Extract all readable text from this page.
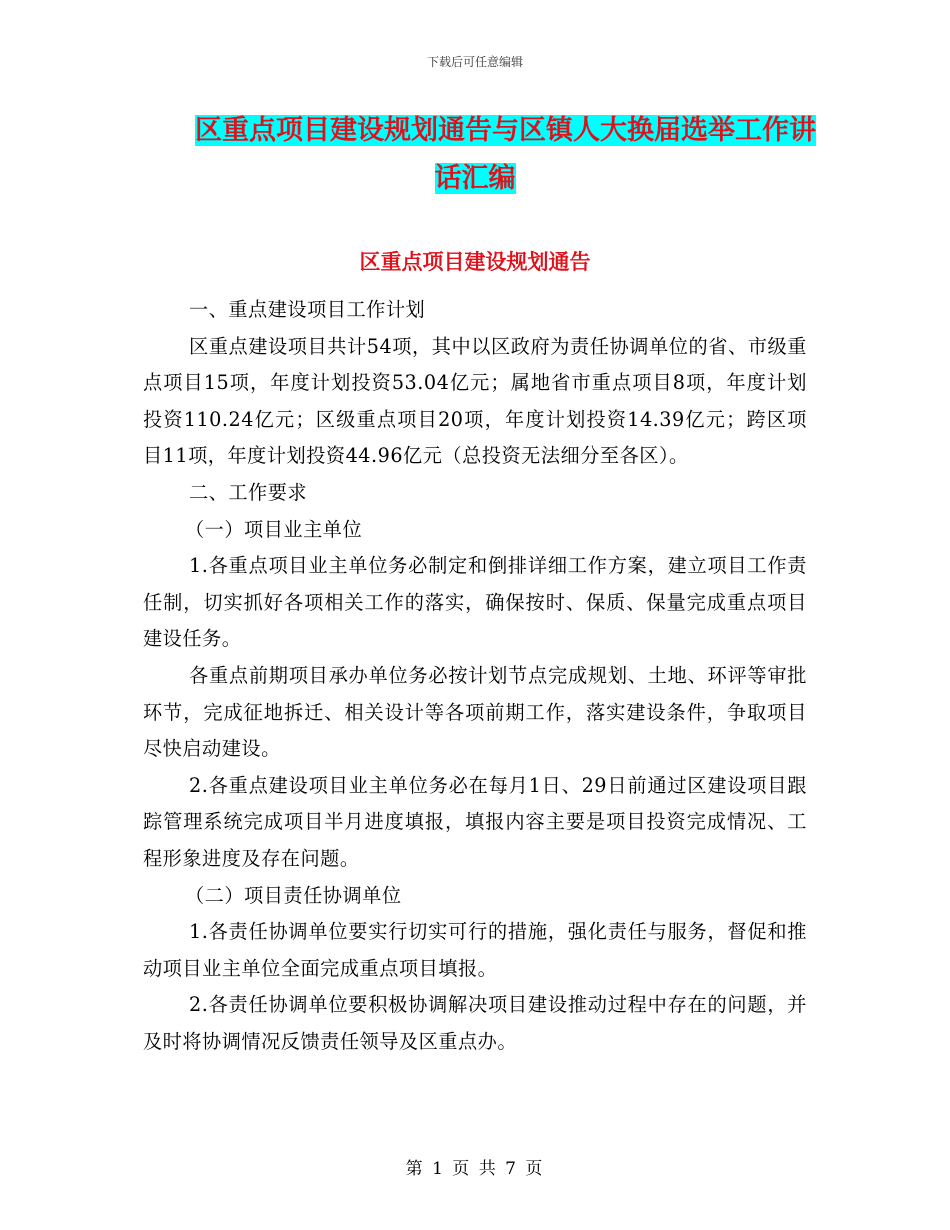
下载后可任意编辑
区重点项目建设规划通告与区镇人大换届选举工作讲
话汇编
区重点项目建设规划通告

一、重点建设项目工作计划

区重点建设项目共计54项，其中以区政府为责任协调单位的省、市级重点项目15项，年度计划投资53.04亿元；属地省市重点项目8项，年度计划投资110.24亿元；区级重点项目20项，年度计划投资14.39亿元；跨区项目11项，年度计划投资44.96亿元（总投资无法细分至各区）。

二、工作要求

（一）项目业主单位

1.各重点项目业主单位务必制定和倒排详细工作方案，建立项目工作责任制，切实抓好各项相关工作的落实，确保按时、保质、保量完成重点项目建设任务。

各重点前期项目承办单位务必按计划节点完成规划、土地、环评等审批环节，完成征地拆迁、相关设计等各项前期工作，落实建设条件，争取项目尽快启动建设。

2.各重点建设项目业主单位务必在每月1日、29日前通过区建设项目跟踪管理系统完成项目半月进度填报，填报内容主要是项目投资完成情况、工程形象进度及存在问题。

（二）项目责任协调单位

1.各责任协调单位要实行切实可行的措施，强化责任与服务，督促和推动项目业主单位全面完成重点项目填报。

2.各责任协调单位要积极协调解决项目建设推动过程中存在的问题，并及时将协调情况反馈责任领导及区重点办。

第 1 页 共 7 页
